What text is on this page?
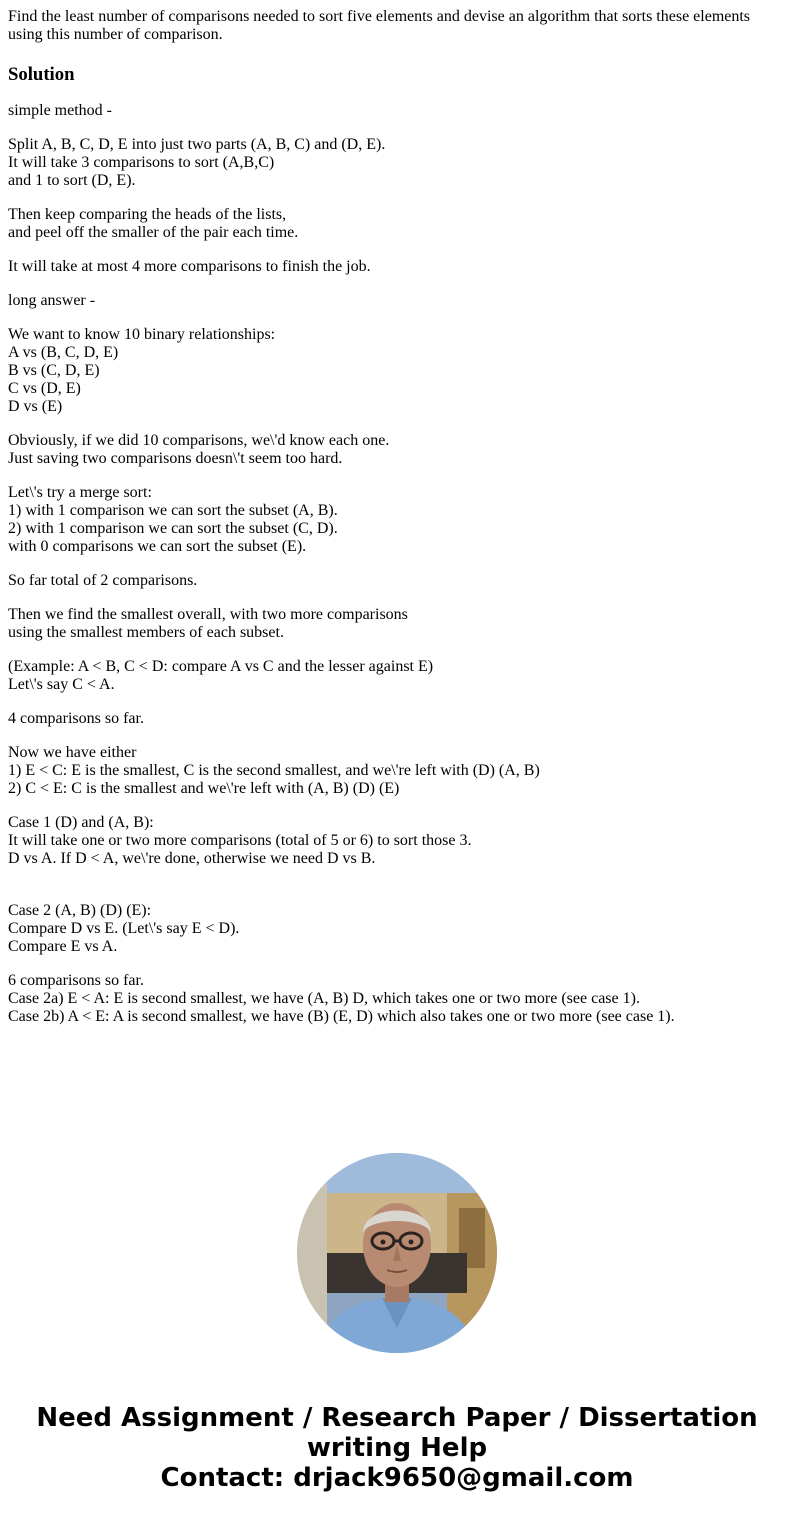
Find the least number of comparisons needed to sort five elements and devise an algorithm that sorts these elements
using this number of comparison.

Solution
simple method -
Split A, B, C, D, E into just two parts (A, B, C) and (D, E).
It will take 3 comparisons to sort (A,B,C)
and 1 to sort (D, E).
Then keep comparing the heads of the lists,
and peel off the smaller of the pair each time.
It will take at most 4 more comparisons to finish the job.
long answer -
We want to know 10 binary relationships:
A vs (B, C, D, E)
B vs (C, D, E)
C vs (D, E)
D vs (E)
Obviously, if we did 10 comparisons, we\'d know each one.
Just saving two comparisons doesn\'t seem too hard.
Let\'s try a merge sort:
1) with 1 comparison we can sort the subset (A, B).
2) with 1 comparison we can sort the subset (C, D).
with 0 comparisons we can sort the subset (E).
So far total of 2 comparisons.
Then we find the smallest overall, with two more comparisons
using the smallest members of each subset.
(Example: A < B, C < D: compare A vs C and the lesser against E)
Let\'s say C < A.
4 comparisons so far.
Now we have either
1) E < C: E is the smallest, C is the second smallest, and we\'re left with (D) (A, B)
2) C < E: C is the smallest and we\'re left with (A, B) (D) (E)
Case 1 (D) and (A, B):
It will take one or two more comparisons (total of 5 or 6) to sort those 3.
D vs A. If D < A, we\'re done, otherwise we need D vs B.
Case 2 (A, B) (D) (E):
Compare D vs E. (Let\'s say E < D).
Compare E vs A.
6 comparisons so far.
Case 2a) E < A: E is second smallest, we have (A, B) D, which takes one or two more (see case 1).
Case 2b) A < E: A is second smallest, we have (B) (E, D) which also takes one or two more (see case 1).
Need Assignment / Research Paper / Dissertation
writing Help
Contact: drjack9650@gmail.com
